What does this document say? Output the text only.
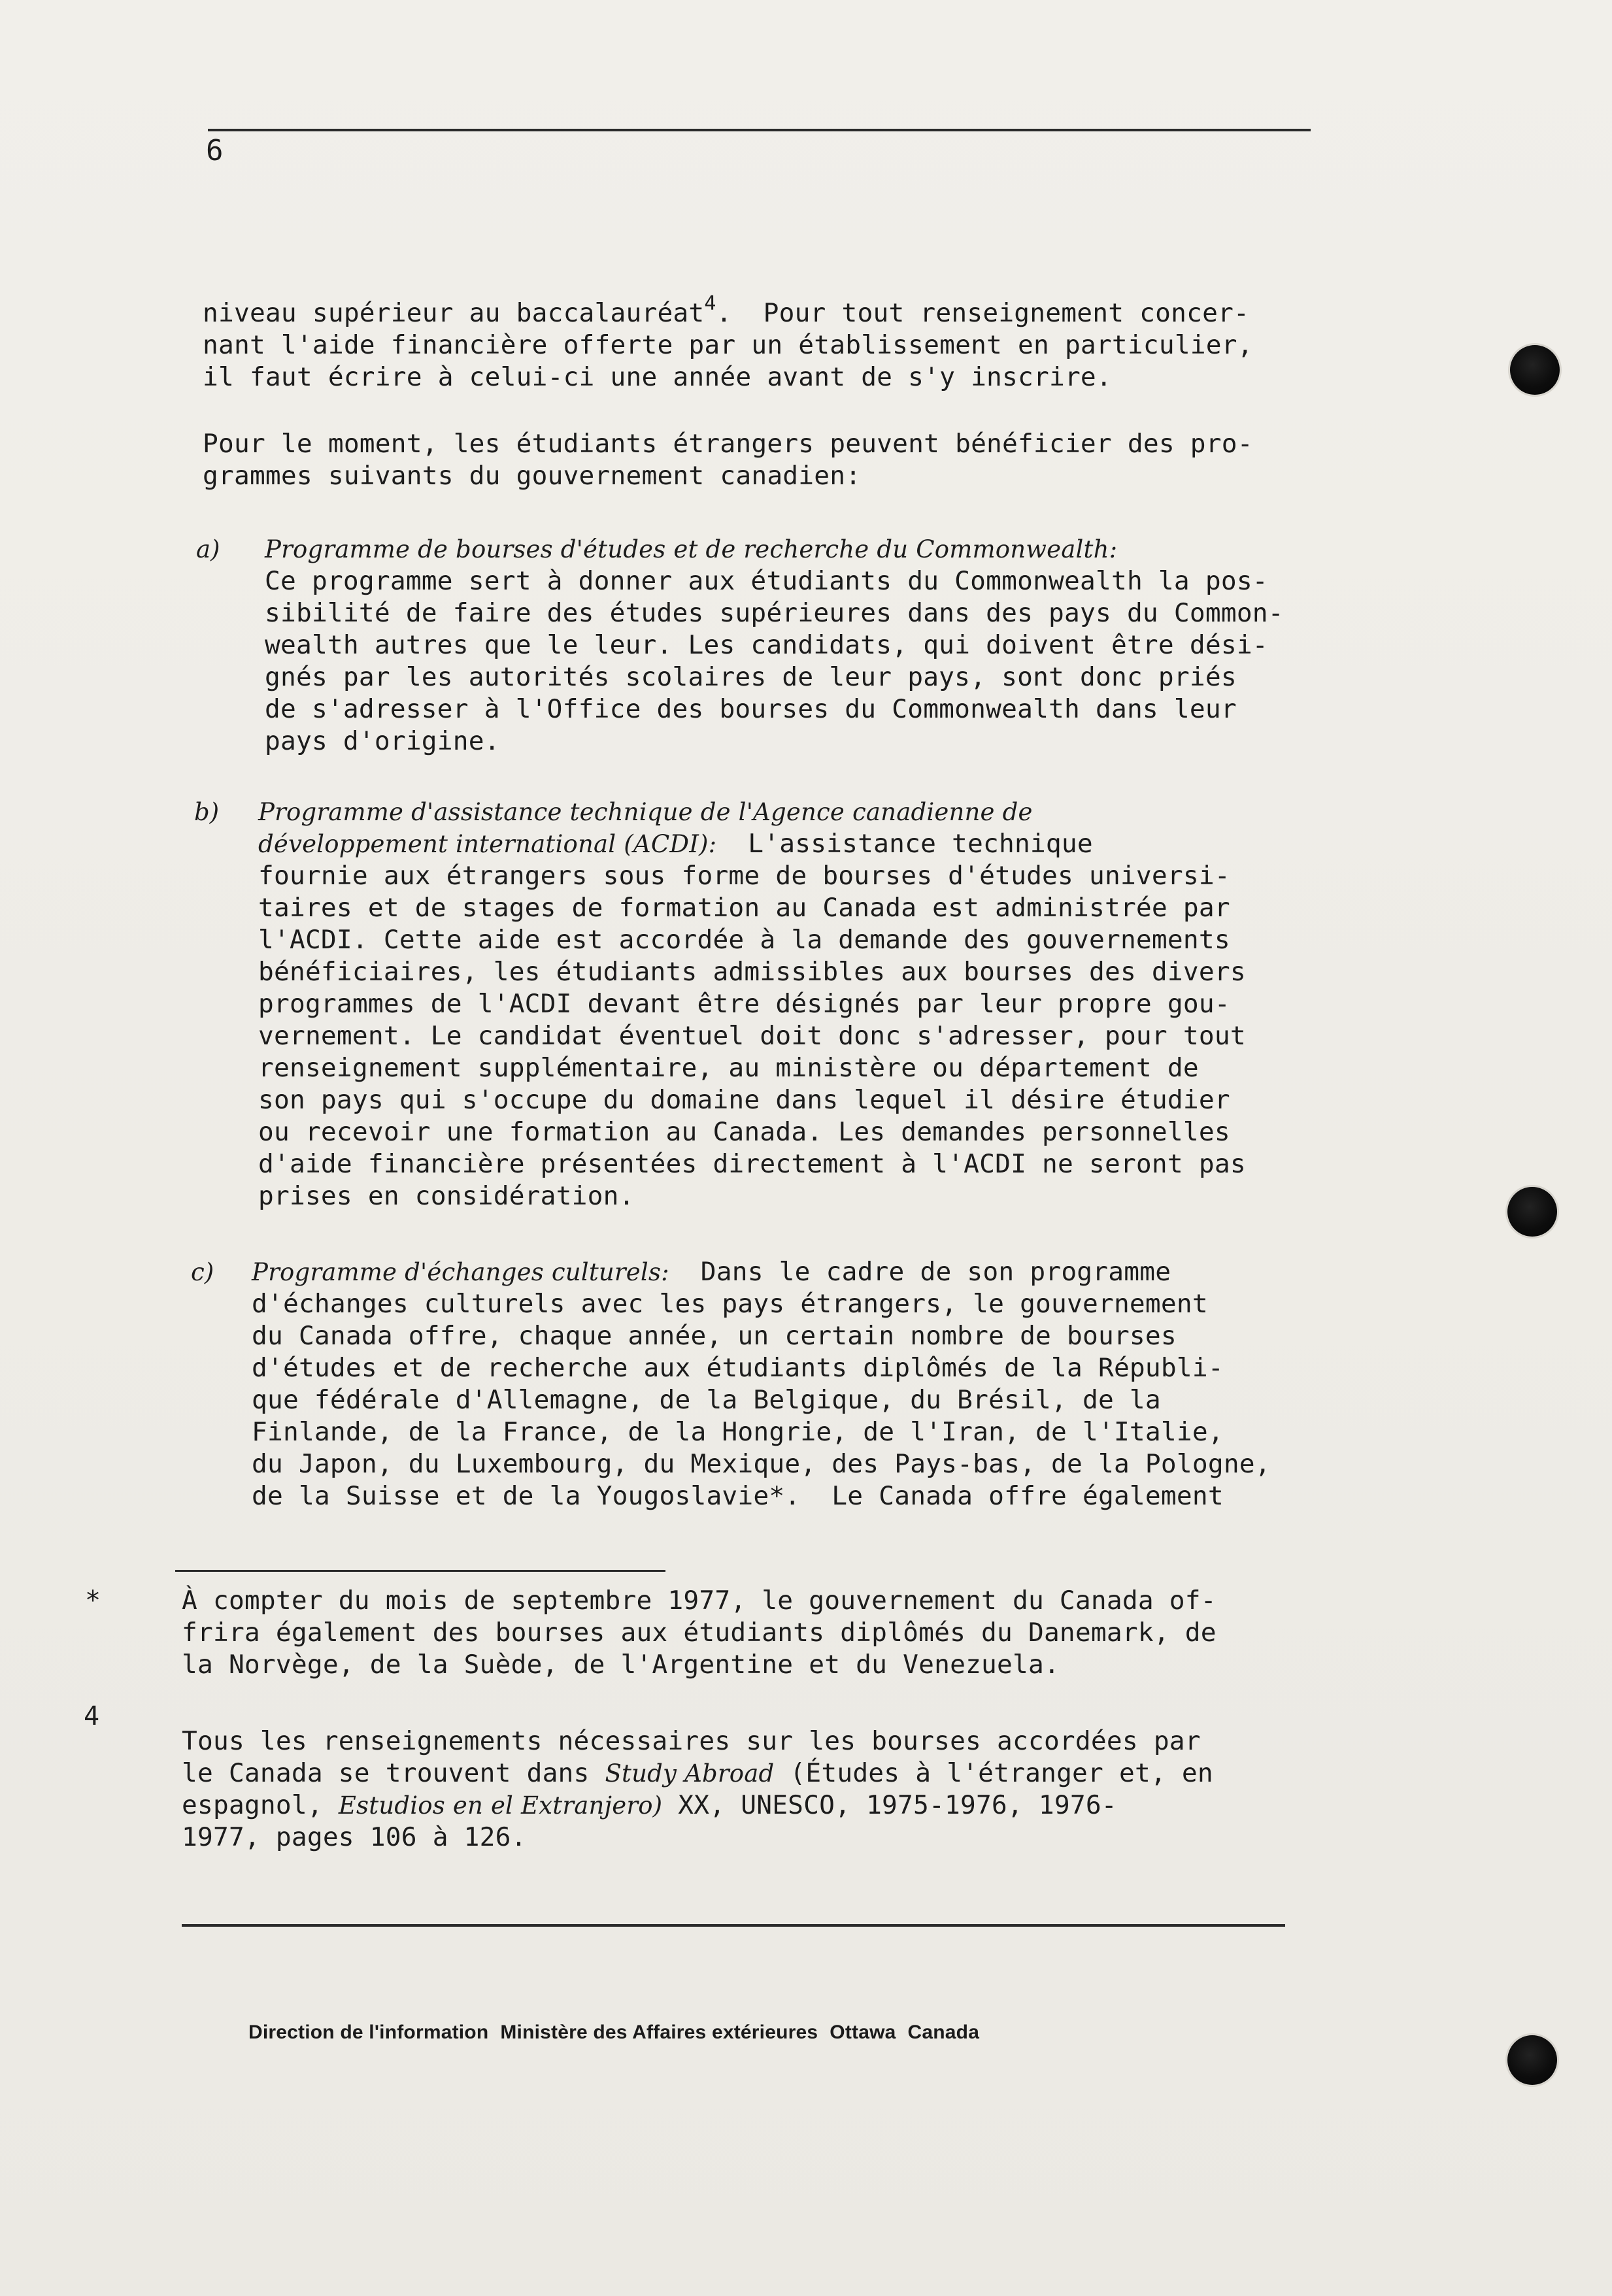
6
niveau supérieur au baccalauréat$^4$.  Pour tout renseignement concer-
nant l'aide financière offerte par un établissement en particulier,
il faut écrire à celui-ci une année avant de s'y inscrire.
Pour le moment, les étudiants étrangers peuvent bénéficier des pro-
grammes suivants du gouvernement canadien:
a) Programme de bourses d'études et de recherche du Commonwealth:
Ce programme sert à donner aux étudiants du Commonwealth la pos-
sibilité de faire des études supérieures dans des pays du Common-
wealth autres que le leur. Les candidats, qui doivent être dési-
gnés par les autorités scolaires de leur pays, sont donc priés
de s'adresser à l'Office des bourses du Commonwealth dans leur
pays d'origine.
b) Programme d'assistance technique de l'Agence canadienne de
développement international (ACDI):  L'assistance technique
fournie aux étrangers sous forme de bourses d'études universi-
taires et de stages de formation au Canada est administrée par
l'ACDI. Cette aide est accordée à la demande des gouvernements
bénéficiaires, les étudiants admissibles aux bourses des divers
programmes de l'ACDI devant être désignés par leur propre gou-
vernement. Le candidat éventuel doit donc s'adresser, pour tout
renseignement supplémentaire, au ministère ou département de
son pays qui s'occupe du domaine dans lequel il désire étudier
ou recevoir une formation au Canada. Les demandes personnelles
d'aide financière présentées directement à l'ACDI ne seront pas
prises en considération.
c) Programme d'échanges culturels:  Dans le cadre de son programme
d'échanges culturels avec les pays étrangers, le gouvernement
du Canada offre, chaque année, un certain nombre de bourses
d'études et de recherche aux étudiants diplômés de la Républi-
que fédérale d'Allemagne, de la Belgique, du Brésil, de la
Finlande, de la France, de la Hongrie, de l'Iran, de l'Italie,
du Japon, du Luxembourg, du Mexique, des Pays-bas, de la Pologne,
de la Suisse et de la Yougoslavie*.  Le Canada offre également
*	À compter du mois de septembre 1977, le gouvernement du Canada of-
frira également des bourses aux étudiants diplômés du Danemark, de
la Norvège, de la Suède, de l'Argentine et du Venezuela.
4
Tous les renseignements nécessaires sur les bourses accordées par
le Canada se trouvent dans Study Abroad (Études à l'étranger et, en
espagnol, Estudios en el Extranjero) XX, UNESCO, 1975-1976, 1976-
1977, pages 106 à 126.
Direction de l'information Ministère des Affaires extérieures Ottawa Canada
